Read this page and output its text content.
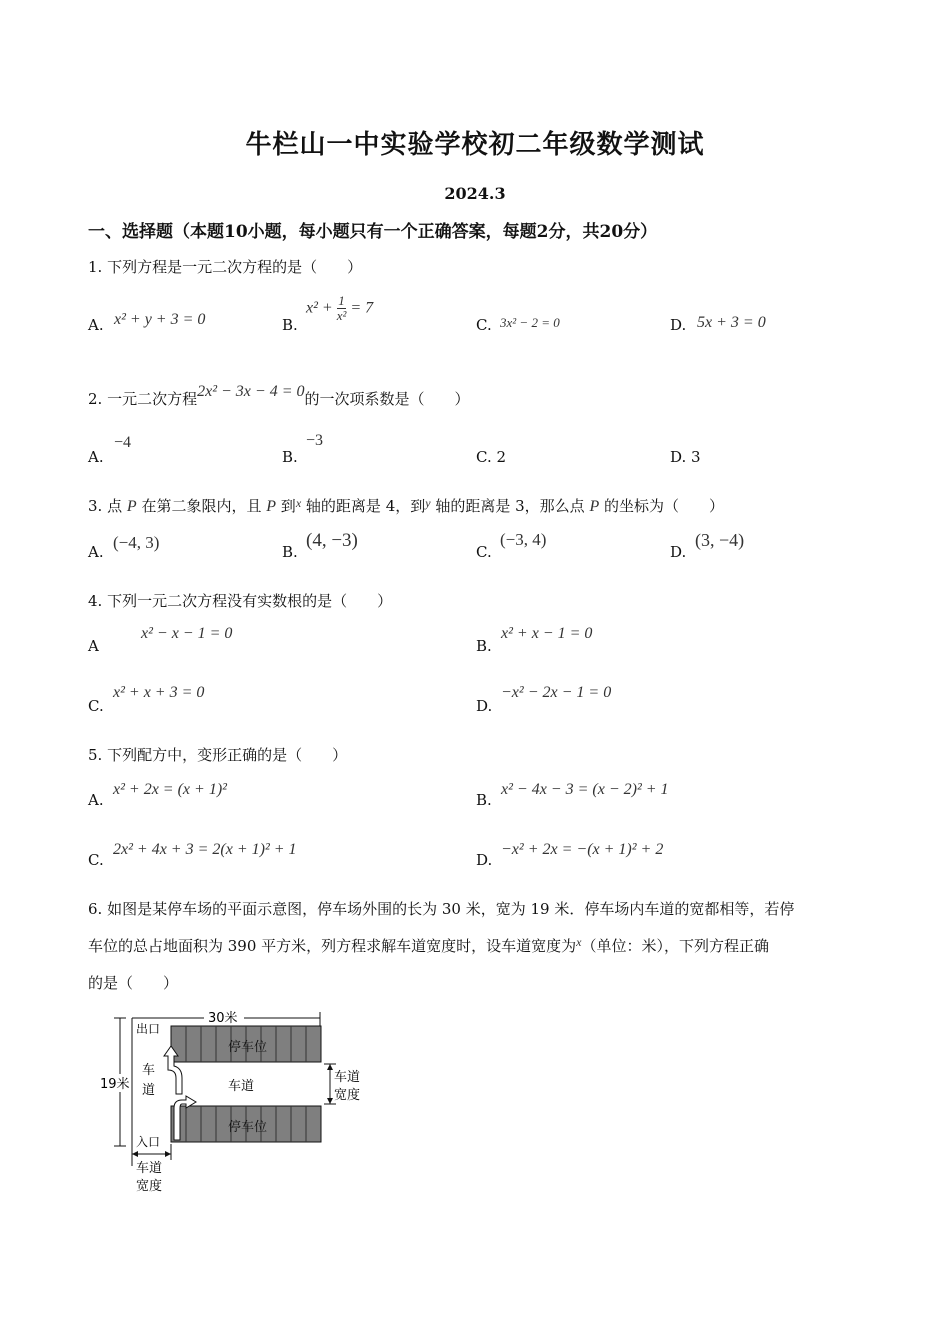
牛栏山一中实验学校初二年级数学测试
2024.3
一、选择题（本题10小题，每小题只有一个正确答案，每题2分，共20分）
1. 下列方程是一元二次方程的是（　　）
A. x² + y + 3 = 0	B.
$x^2 + \frac{1}{\text{x²}} = 7$
C. 3x² − 2 = 0	D. 5x + 3 = 0
2. 一元二次方程2x² − 3x − 4 = 0的一次项系数是（　　）
A.
−4
B.
−3
C. 2	D. 3
3. 点 P 在第二象限内，且 P 到$^x$ 轴的距离是 4，到$^y$ 轴的距离是 3，那么点 P 的坐标为（　　）
A. (−4, 3)	B.
(4, −3)
C.
(−3, 4)
D.
(3, −4)
4. 下列一元二次方程没有实数根的是（　　）
A
x² − x − 1 = 0
B.
x² + x − 1 = 0
C.
x² + x + 3 = 0
D.
−x² − 2x − 1 = 0
5. 下列配方中，变形正确的是（　　）
A.
x² + 2x = (x + 1)²
B.
x² − 4x − 3 = (x − 2)² + 1
C.
2x² + 4x + 3 = 2(x + 1)² + 1
D.
−x² + 2x = −(x + 1)² + 2
6. 如图是某停车场的平面示意图，停车场外围的长为 30 米，宽为 19 米．停车场内车道的宽都相等，若停
车位的总占地面积为 390 平方米，列方程求解车道宽度时，设车道宽度为$^x$（单位：米），下列方程正确
的是（　　）
19米
30米
出口
入口
停车位
停车位
车道
车
道
车道
宽度
车道
宽度
